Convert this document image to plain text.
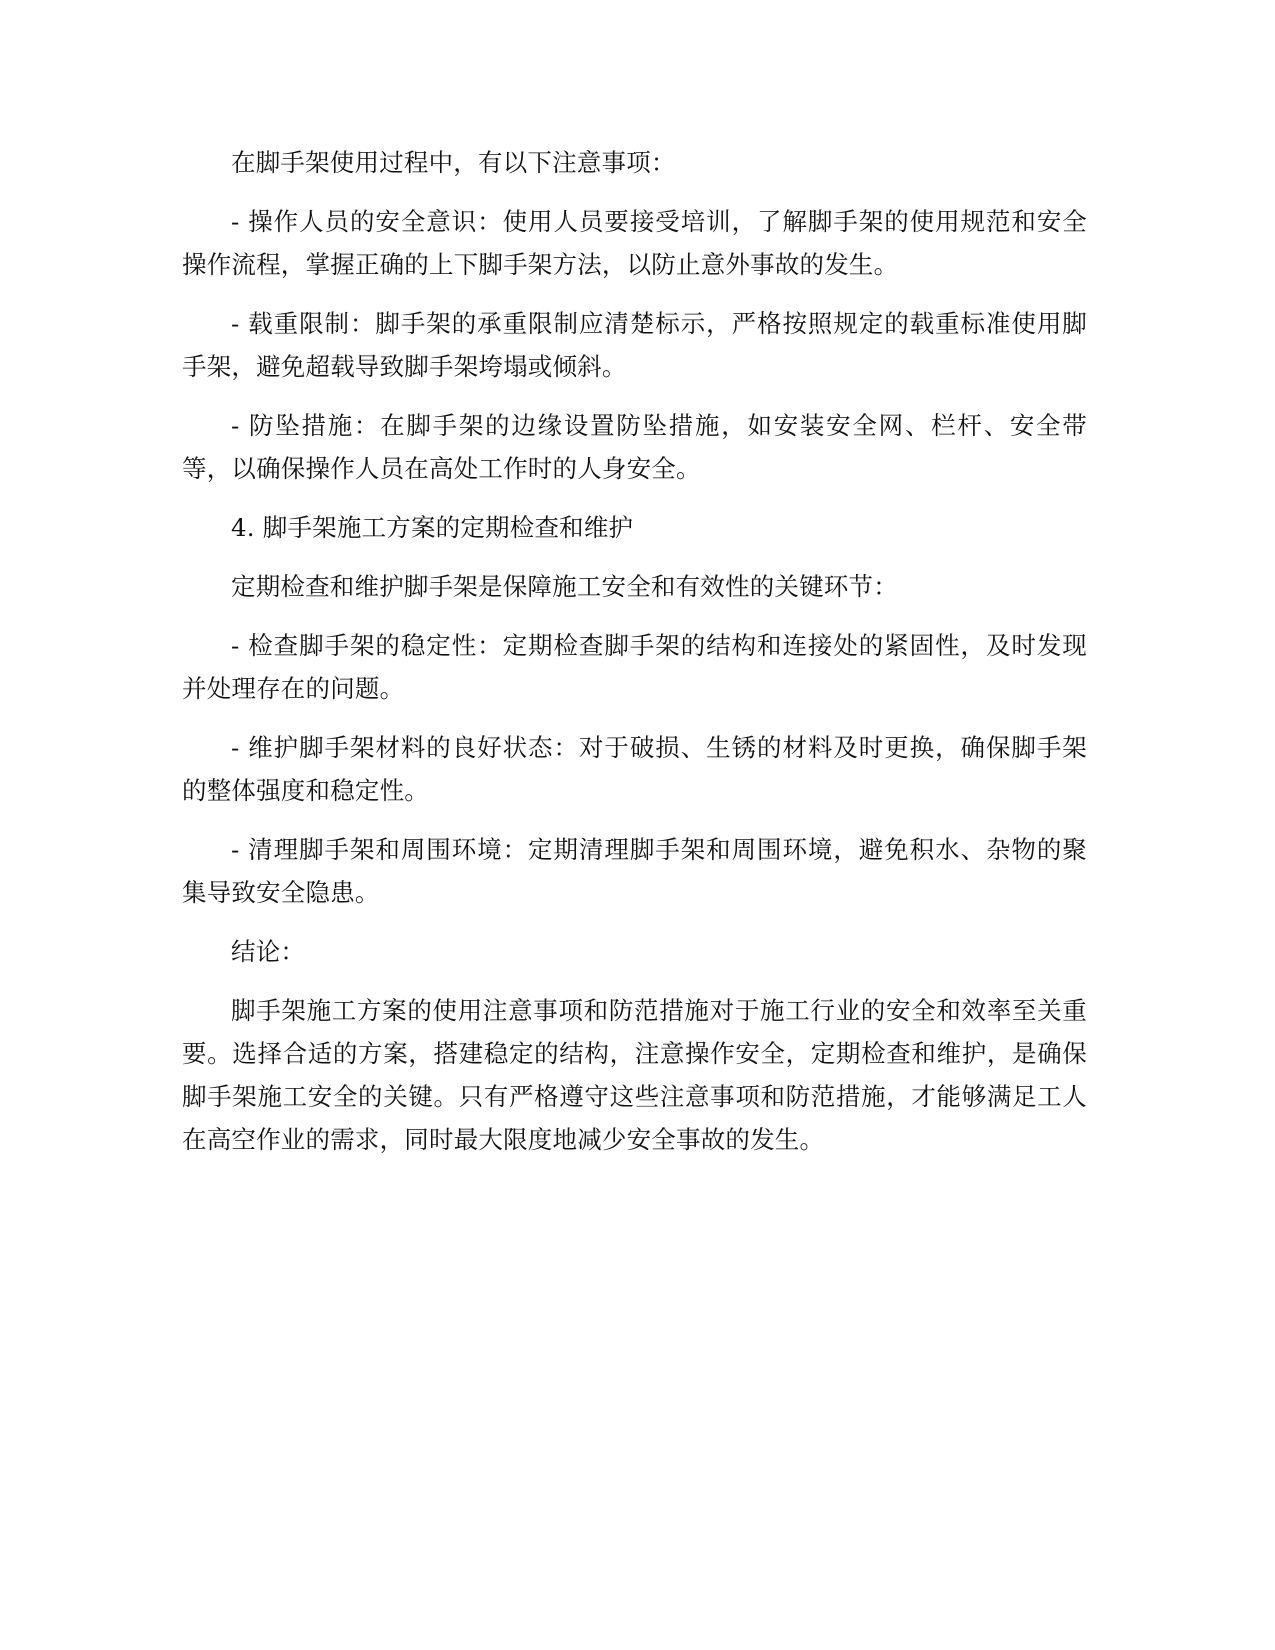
在脚手架使用过程中，有以下注意事项：

- 操作人员的安全意识：使用人员要接受培训，了解脚手架的使用规范和安全操作流程，掌握正确的上下脚手架方法，以防止意外事故的发生。

- 载重限制：脚手架的承重限制应清楚标示，严格按照规定的载重标准使用脚手架，避免超载导致脚手架垮塌或倾斜。

- 防坠措施：在脚手架的边缘设置防坠措施，如安装安全网、栏杆、安全带等，以确保操作人员在高处工作时的人身安全。

4. 脚手架施工方案的定期检查和维护

定期检查和维护脚手架是保障施工安全和有效性的关键环节：

- 检查脚手架的稳定性：定期检查脚手架的结构和连接处的紧固性，及时发现并处理存在的问题。

- 维护脚手架材料的良好状态：对于破损、生锈的材料及时更换，确保脚手架的整体强度和稳定性。

- 清理脚手架和周围环境：定期清理脚手架和周围环境，避免积水、杂物的聚集导致安全隐患。

结论：

脚手架施工方案的使用注意事项和防范措施对于施工行业的安全和效率至关重要。选择合适的方案，搭建稳定的结构，注意操作安全，定期检查和维护，是确保脚手架施工安全的关键。只有严格遵守这些注意事项和防范措施，才能够满足工人在高空作业的需求，同时最大限度地减少安全事故的发生。
